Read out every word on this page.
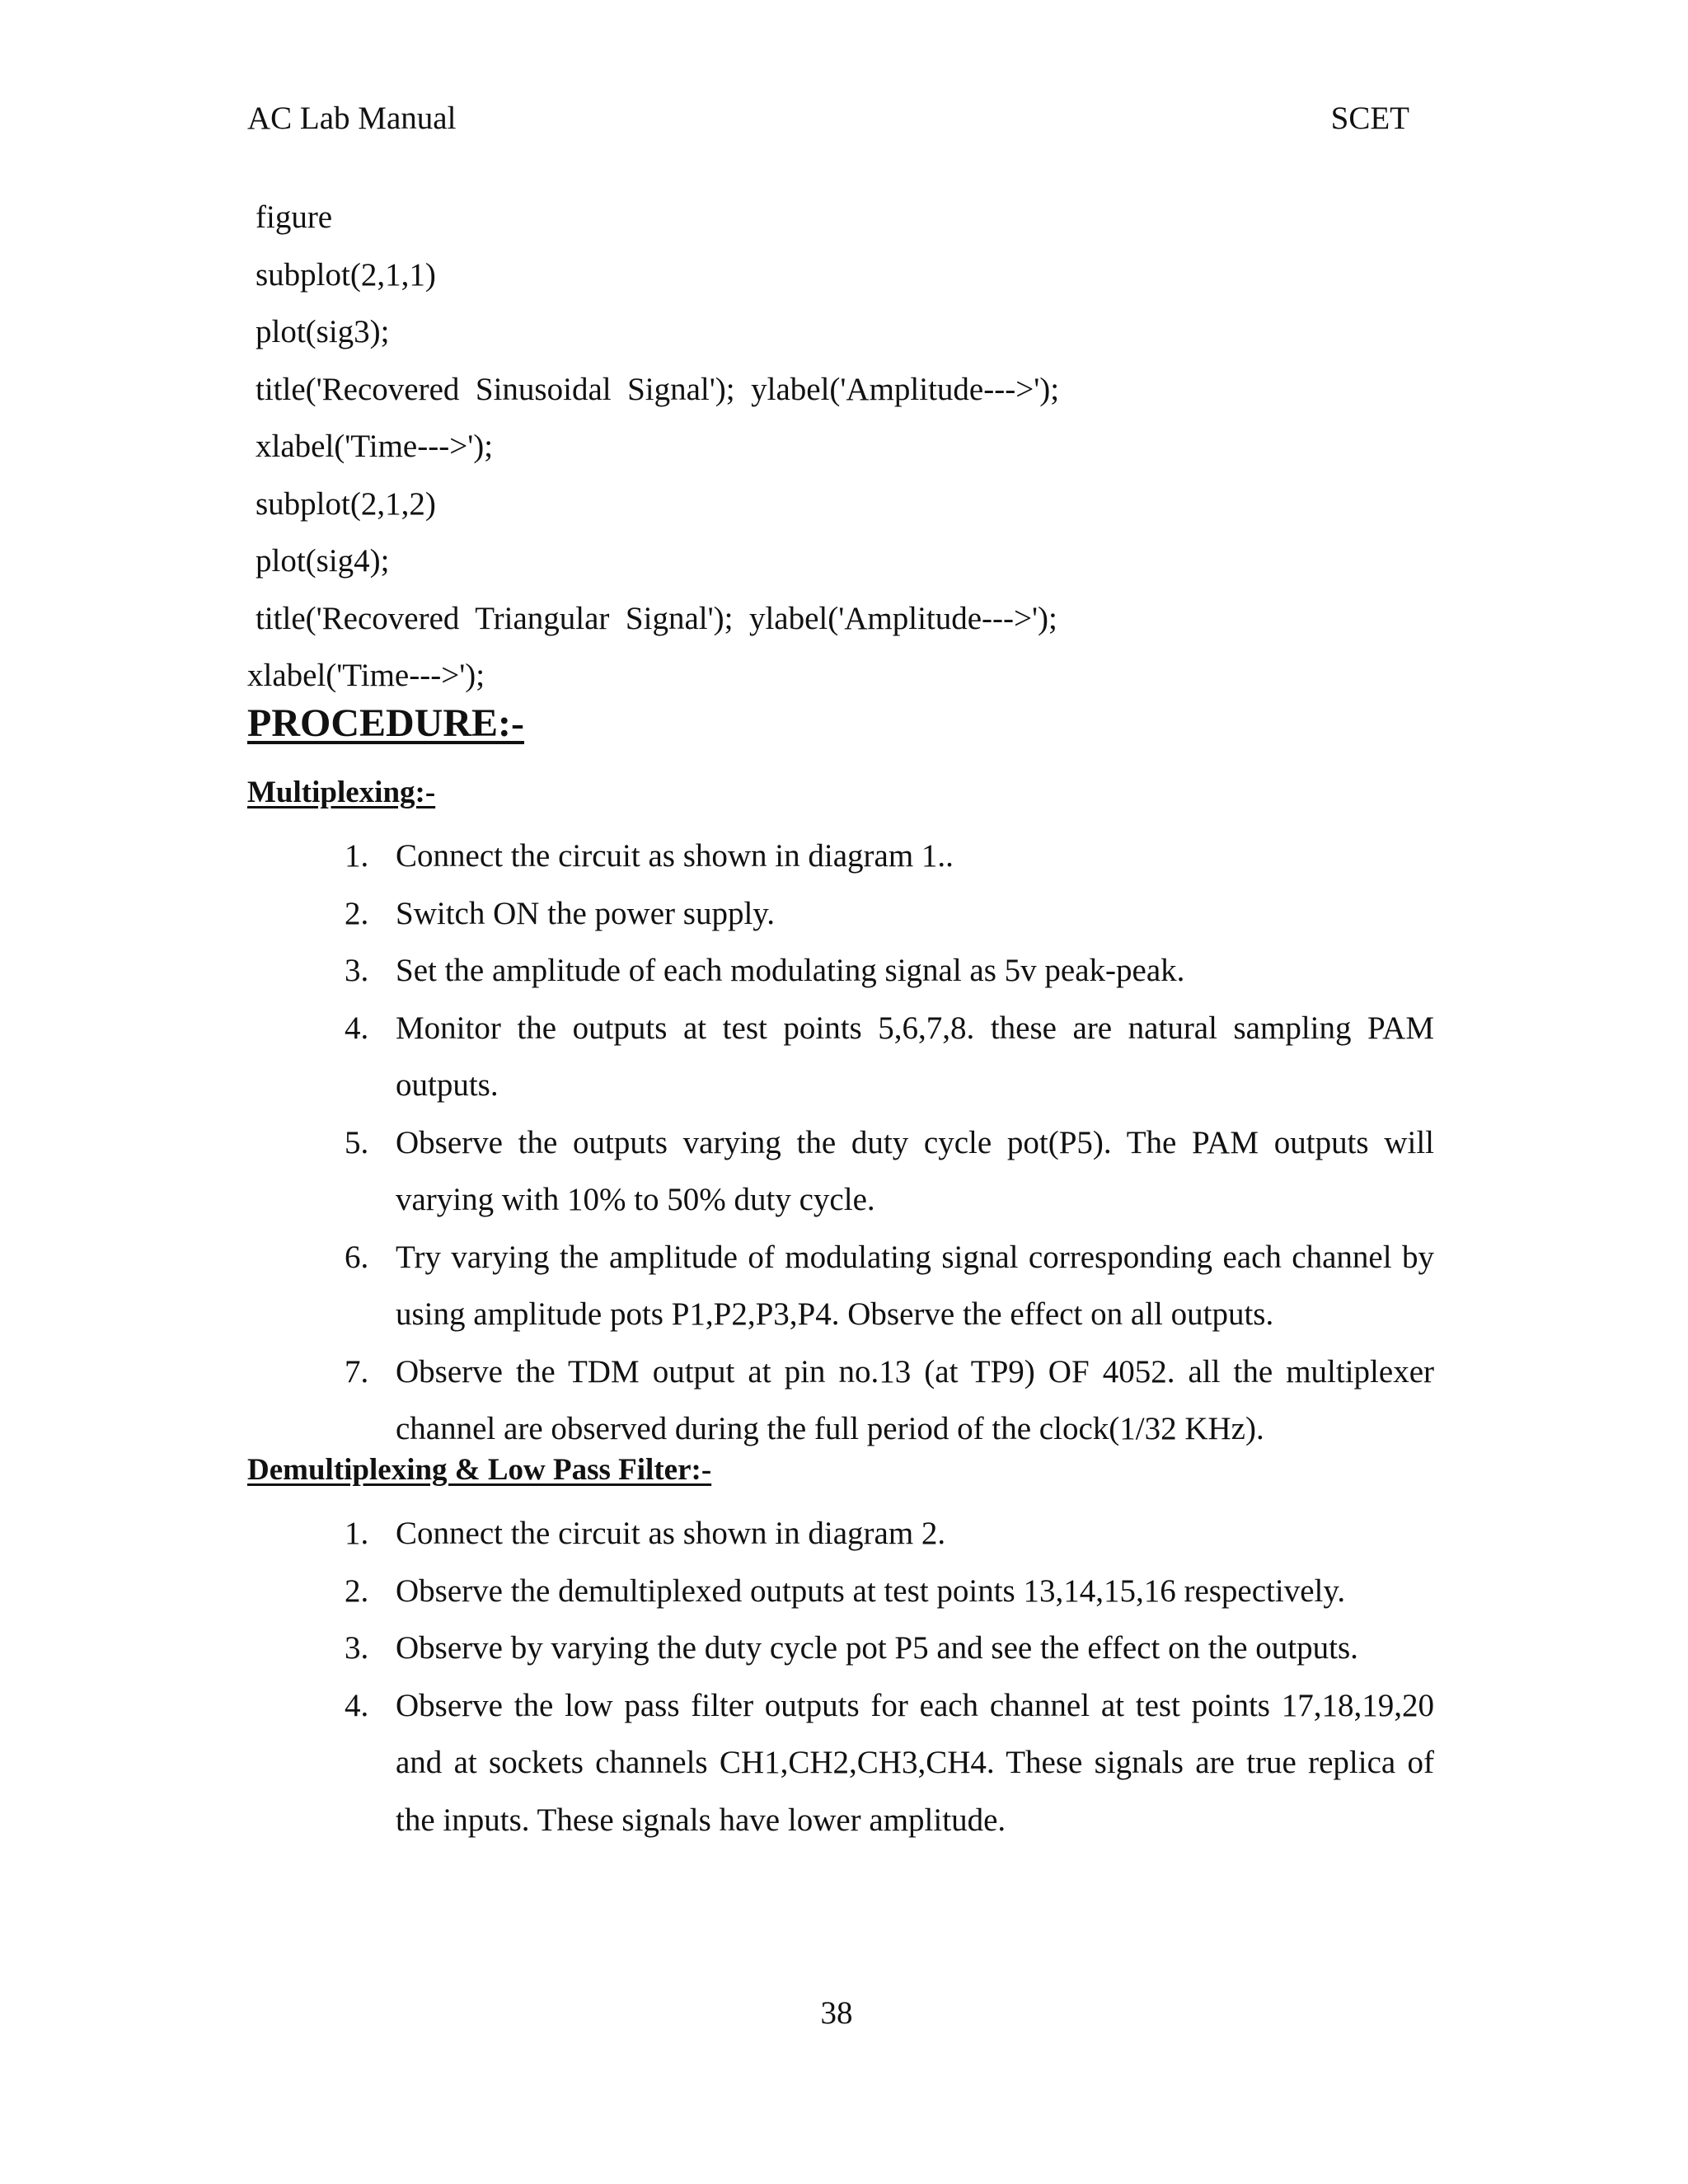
AC Lab Manual	SCET
figure
subplot(2,1,1)
plot(sig3);
title('Recovered  Sinusoidal  Signal');  ylabel('Amplitude--->');
xlabel('Time--->');
subplot(2,1,2)
plot(sig4);
title('Recovered  Triangular  Signal');  ylabel('Amplitude--->');
xlabel('Time--->');
PROCEDURE:-
Multiplexing:-
1. Connect the circuit as shown in diagram 1..
2. Switch ON the power supply.
3. Set the amplitude of each modulating signal as 5v peak-peak.
4. Monitor the outputs at test points 5,6,7,8. these are natural sampling PAM outputs.
5. Observe the outputs varying the duty cycle pot(P5). The PAM outputs will varying with 10% to 50% duty cycle.
6. Try varying the amplitude of modulating signal corresponding each channel by using amplitude pots P1,P2,P3,P4. Observe the effect on all outputs.
7. Observe the TDM output at pin no.13 (at TP9) OF 4052. all the multiplexer channel are observed during the full period of the clock(1/32 KHz).
Demultiplexing & Low Pass Filter:-
1. Connect the circuit as shown in diagram 2.
2. Observe the demultiplexed outputs at test points 13,14,15,16 respectively.
3. Observe by varying the duty cycle pot P5 and see the effect on the outputs.
4. Observe the low pass filter outputs for each channel at test points 17,18,19,20 and at sockets channels CH1,CH2,CH3,CH4. These signals are true replica of the inputs. These signals have lower amplitude.
38
